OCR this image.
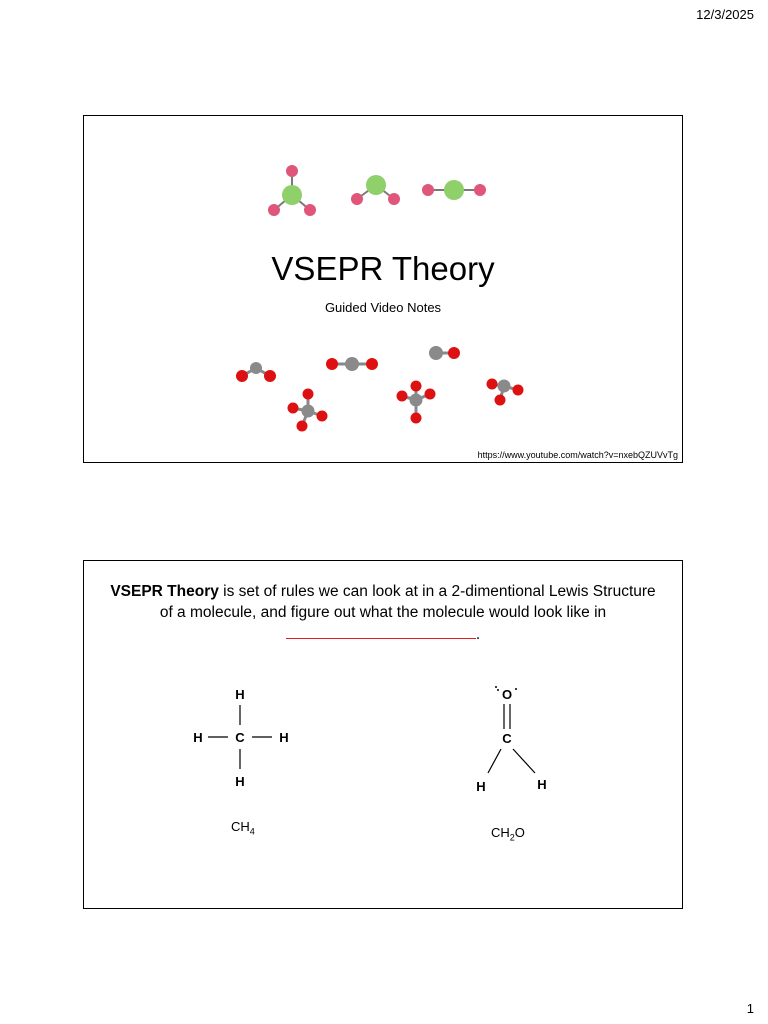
12/3/2025
VSEPR Theory
Guided Video Notes
https://www.youtube.com/watch?v=nxebQZUVvTg
VSEPR Theory is set of rules we can look at in a 2-dimentional Lewis Structure
of a molecule, and figure out what the molecule would look like in
.
H
H	C	H
H
$CH_4$
O
C
H	H
$CH_2O$
1
